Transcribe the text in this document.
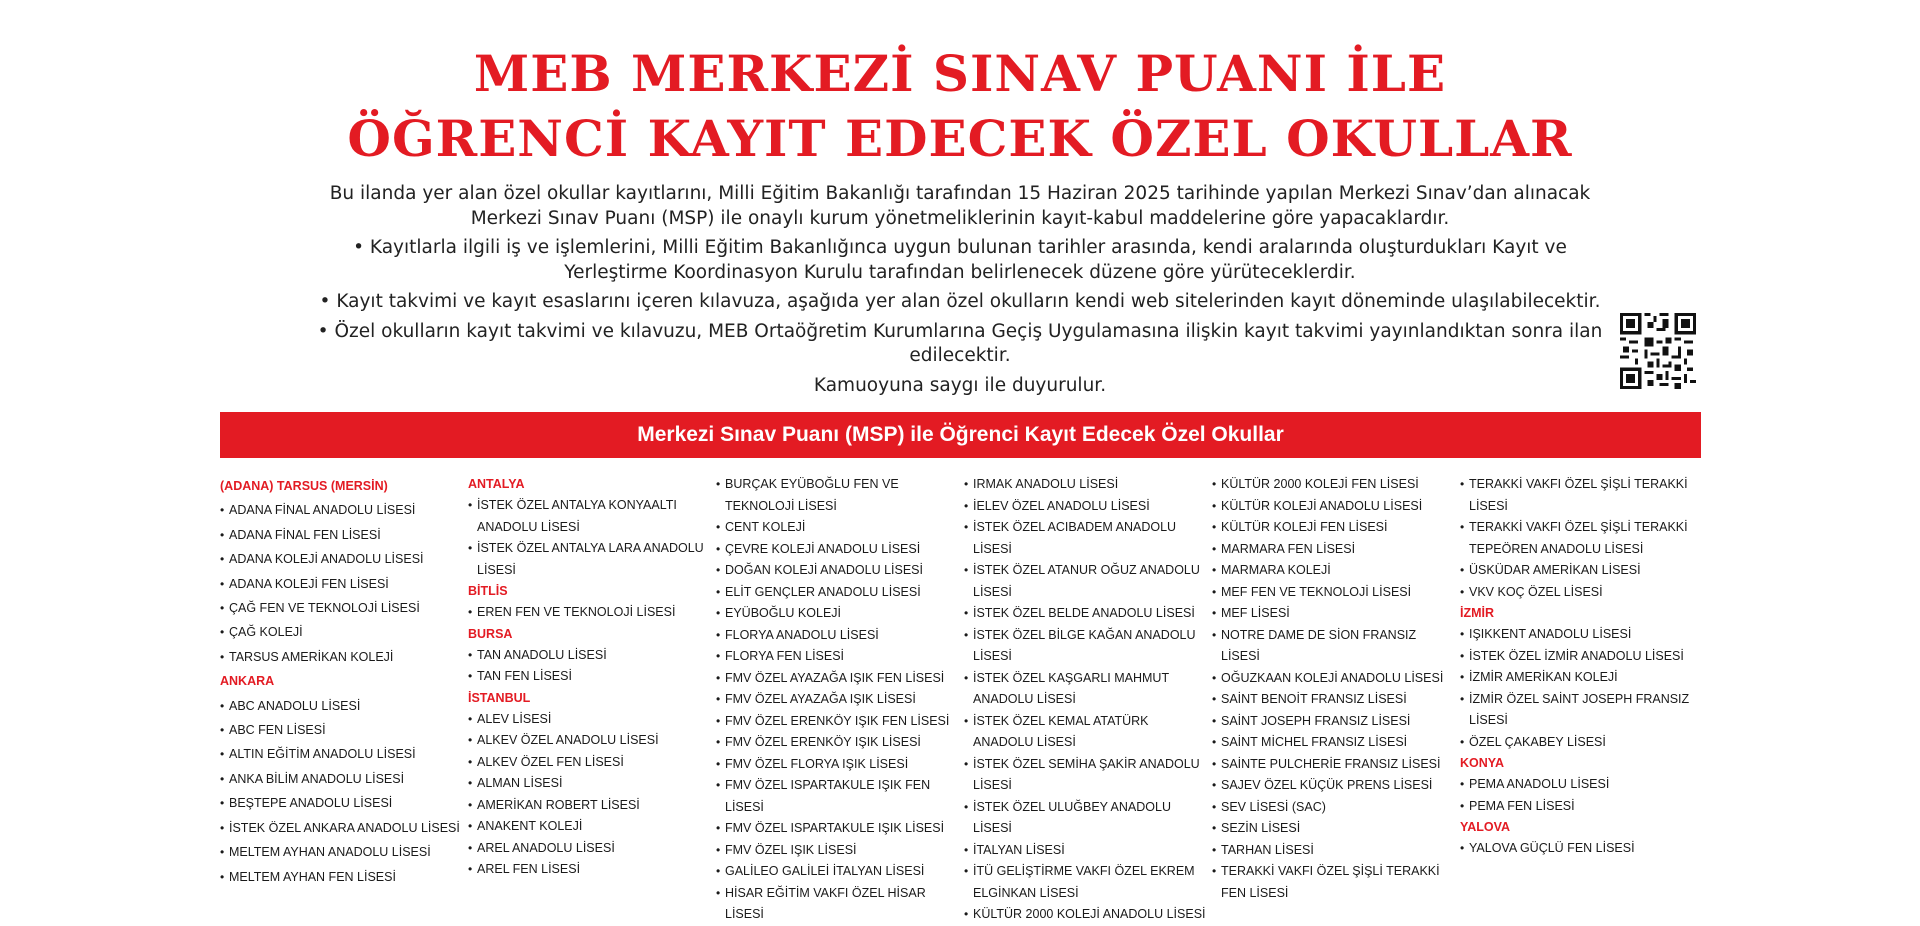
MEB MERKEZİ SINAV PUANI İLE
ÖĞRENCİ KAYIT EDECEK ÖZEL OKULLAR

Bu ilanda yer alan özel okullar kayıtlarını, Milli Eğitim Bakanlığı tarafından 15 Haziran 2025 tarihinde yapılan Merkezi Sınav’dan alınacak Merkezi Sınav Puanı (MSP) ile onaylı kurum yönetmeliklerinin kayıt-kabul maddelerine göre yapacaklardır.

• Kayıtlarla ilgili iş ve işlemlerini, Milli Eğitim Bakanlığınca uygun bulunan tarihler arasında, kendi aralarında oluşturdukları Kayıt ve Yerleştirme Koordinasyon Kurulu tarafından belirlenecek düzene göre yürüteceklerdir.

• Kayıt takvimi ve kayıt esaslarını içeren kılavuza, aşağıda yer alan özel okulların kendi web sitelerinden kayıt döneminde ulaşılabilecektir.

• Özel okulların kayıt takvimi ve kılavuzu, MEB Ortaöğretim Kurumlarına Geçiş Uygulamasına ilişkin kayıt takvimi yayınlandıktan sonra ilan edilecektir.

Kamuoyuna saygı ile duyurulur.

Merkezi Sınav Puanı (MSP) ile Öğrenci Kayıt Edecek Özel Okullar
(ADANA) TARSUS (MERSİN)
• ADANA FİNAL ANADOLU LİSESİ
• ADANA FİNAL FEN LİSESİ
• ADANA KOLEJİ ANADOLU LİSESİ
• ADANA KOLEJİ FEN LİSESİ
• ÇAĞ FEN VE TEKNOLOJİ LİSESİ
• ÇAĞ KOLEJİ
• TARSUS AMERİKAN KOLEJİ
ANKARA
• ABC ANADOLU LİSESİ
• ABC FEN LİSESİ
• ALTIN EĞİTİM ANADOLU LİSESİ
• ANKA BİLİM ANADOLU LİSESİ
• BEŞTEPE ANADOLU LİSESİ
• İSTEK ÖZEL ANKARA ANADOLU LİSESİ
• MELTEM AYHAN ANADOLU LİSESİ
• MELTEM AYHAN FEN LİSESİ
ANTALYA
• İSTEK ÖZEL ANTALYA KONYAALTI ANADOLU LİSESİ
• İSTEK ÖZEL ANTALYA LARA ANADOLU LİSESİ
BİTLİS
• EREN FEN VE TEKNOLOJİ LİSESİ
BURSA
• TAN ANADOLU LİSESİ
• TAN FEN LİSESİ
İSTANBUL
• ALEV LİSESİ
• ALKEV ÖZEL ANADOLU LİSESİ
• ALKEV ÖZEL FEN LİSESİ
• ALMAN LİSESİ
• AMERİKAN ROBERT LİSESİ
• ANAKENT KOLEJİ
• AREL ANADOLU LİSESİ
• AREL FEN LİSESİ
• BURÇAK EYÜBOĞLU FEN VE TEKNOLOJİ LİSESİ
• CENT KOLEJİ
• ÇEVRE KOLEJİ ANADOLU LİSESİ
• DOĞAN KOLEJİ ANADOLU LİSESİ
• ELİT GENÇLER ANADOLU LİSESİ
• EYÜBOĞLU KOLEJİ
• FLORYA ANADOLU LİSESİ
• FLORYA FEN LİSESİ
• FMV ÖZEL AYAZAĞA IŞIK FEN LİSESİ
• FMV ÖZEL AYAZAĞA IŞIK LİSESİ
• FMV ÖZEL ERENKÖY IŞIK FEN LİSESİ
• FMV ÖZEL ERENKÖY IŞIK LİSESİ
• FMV ÖZEL FLORYA IŞIK LİSESİ
• FMV ÖZEL ISPARTAKULE IŞIK FEN LİSESİ
• FMV ÖZEL ISPARTAKULE IŞIK LİSESİ
• FMV ÖZEL IŞIK LİSESİ
• GALİLEO GALİLEİ İTALYAN LİSESİ
• HİSAR EĞİTİM VAKFI ÖZEL HİSAR LİSESİ
• IRMAK ANADOLU LİSESİ
• İELEV ÖZEL ANADOLU LİSESİ
• İSTEK ÖZEL ACIBADEM ANADOLU LİSESİ
• İSTEK ÖZEL ATANUR OĞUZ ANADOLU LİSESİ
• İSTEK ÖZEL BELDE ANADOLU LİSESİ
• İSTEK ÖZEL BİLGE KAĞAN ANADOLU LİSESİ
• İSTEK ÖZEL KAŞGARLI MAHMUT ANADOLU LİSESİ
• İSTEK ÖZEL KEMAL ATATÜRK ANADOLU LİSESİ
• İSTEK ÖZEL SEMİHA ŞAKİR ANADOLU LİSESİ
• İSTEK ÖZEL ULUĞBEY ANADOLU LİSESİ
• İTALYAN LİSESİ
• İTÜ GELİŞTİRME VAKFI ÖZEL EKREM ELGİNKAN LİSESİ
• KÜLTÜR 2000 KOLEJİ ANADOLU LİSESİ
• KÜLTÜR 2000 KOLEJİ FEN LİSESİ
• KÜLTÜR KOLEJİ ANADOLU LİSESİ
• KÜLTÜR KOLEJİ FEN LİSESİ
• MARMARA FEN LİSESİ
• MARMARA KOLEJİ
• MEF FEN VE TEKNOLOJİ LİSESİ
• MEF LİSESİ
• NOTRE DAME DE SİON FRANSIZ LİSESİ
• OĞUZKAAN KOLEJİ ANADOLU LİSESİ
• SAİNT BENOİT FRANSIZ LİSESİ
• SAİNT JOSEPH FRANSIZ LİSESİ
• SAİNT MİCHEL FRANSIZ LİSESİ
• SAİNTE PULCHERİE FRANSIZ LİSESİ
• SAJEV ÖZEL KÜÇÜK PRENS LİSESİ
• SEV LİSESİ (SAC)
• SEZİN LİSESİ
• TARHAN LİSESİ
• TERAKKİ VAKFI ÖZEL ŞİŞLİ TERAKKİ FEN LİSESİ
• TERAKKİ VAKFI ÖZEL ŞİŞLİ TERAKKİ LİSESİ
• TERAKKİ VAKFI ÖZEL ŞİŞLİ TERAKKİ TEPEÖREN ANADOLU LİSESİ
• ÜSKÜDAR AMERİKAN LİSESİ
• VKV KOÇ ÖZEL LİSESİ
İZMİR
• IŞIKKENT ANADOLU LİSESİ
• İSTEK ÖZEL İZMİR ANADOLU LİSESİ
• İZMİR AMERİKAN KOLEJİ
• İZMİR ÖZEL SAİNT JOSEPH FRANSIZ LİSESİ
• ÖZEL ÇAKABEY LİSESİ
KONYA
• PEMA ANADOLU LİSESİ
• PEMA FEN LİSESİ
YALOVA
• YALOVA GÜÇLÜ FEN LİSESİ
